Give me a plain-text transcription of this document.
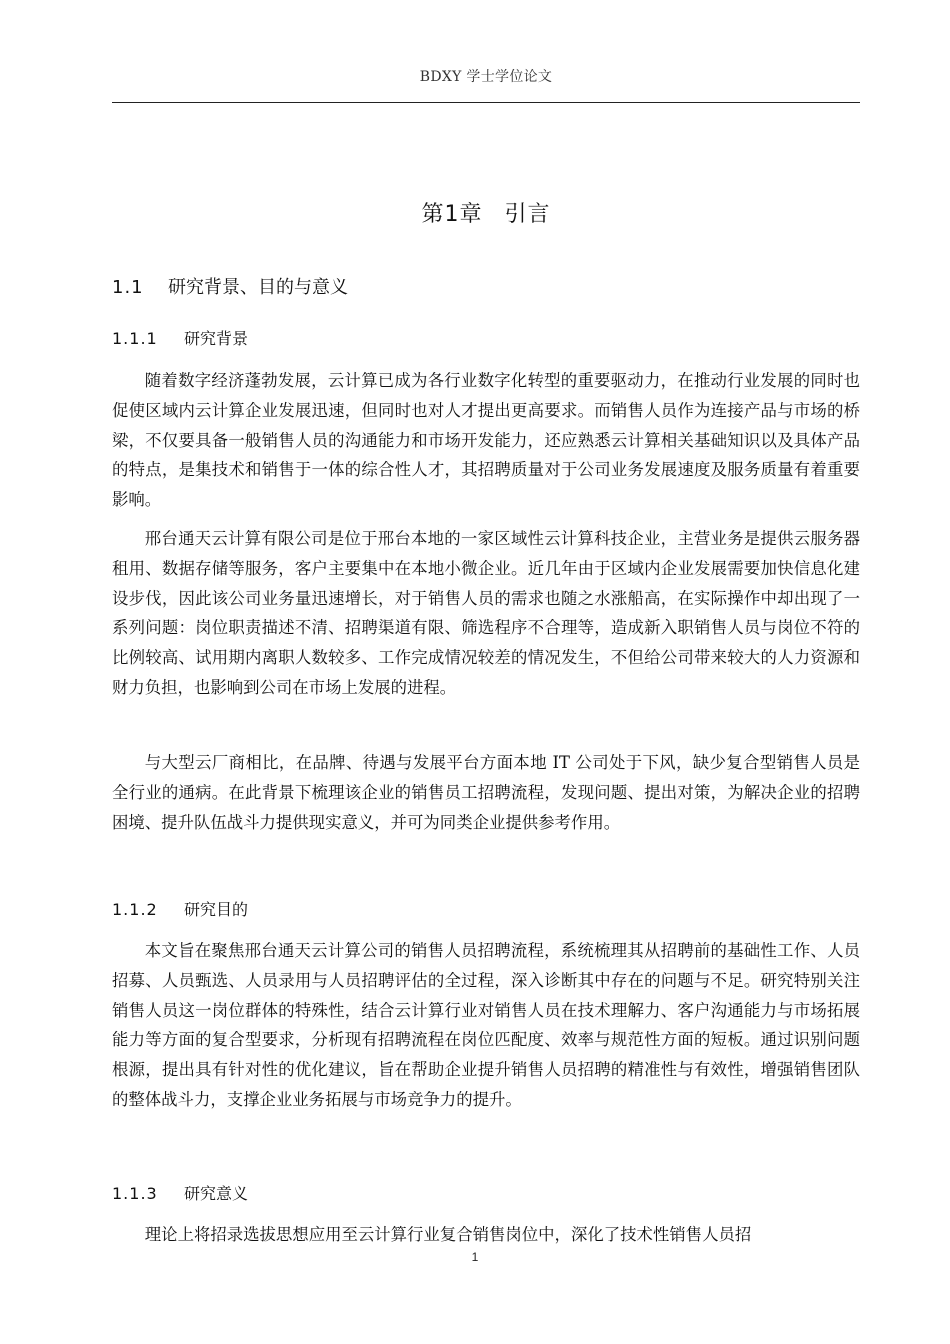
BDXY 学士学位论文
第1章 引言
1.1 研究背景、目的与意义
1.1.1 研究背景

随着数字经济蓬勃发展，云计算已成为各行业数字化转型的重要驱动力，在推动行业发展的同时也促使区域内云计算企业发展迅速，但同时也对人才提出更高要求。而销售人员作为连接产品与市场的桥梁，不仅要具备一般销售人员的沟通能力和市场开发能力，还应熟悉云计算相关基础知识以及具体产品的特点，是集技术和销售于一体的综合性人才，其招聘质量对于公司业务发展速度及服务质量有着重要影响。

邢台通天云计算有限公司是位于邢台本地的一家区域性云计算科技企业，主营业务是提供云服务器租用、数据存储等服务，客户主要集中在本地小微企业。近几年由于区域内企业发展需要加快信息化建设步伐，因此该公司业务量迅速增长，对于销售人员的需求也随之水涨船高，在实际操作中却出现了一系列问题：岗位职责描述不清、招聘渠道有限、筛选程序不合理等，造成新入职销售人员与岗位不符的比例较高、试用期内离职人数较多、工作完成情况较差的情况发生，不但给公司带来较大的人力资源和财力负担，也影响到公司在市场上发展的进程。

与大型云厂商相比，在品牌、待遇与发展平台方面本地 IT 公司处于下风，缺少复合型销售人员是全行业的通病。在此背景下梳理该企业的销售员工招聘流程，发现问题、提出对策，为解决企业的招聘困境、提升队伍战斗力提供现实意义，并可为同类企业提供参考作用。

1.1.2 研究目的

本文旨在聚焦邢台通天云计算公司的销售人员招聘流程，系统梳理其从招聘前的基础性工作、人员招募、人员甄选、人员录用与人员招聘评估的全过程，深入诊断其中存在的问题与不足。研究特别关注销售人员这一岗位群体的特殊性，结合云计算行业对销售人员在技术理解力、客户沟通能力与市场拓展能力等方面的复合型要求，分析现有招聘流程在岗位匹配度、效率与规范性方面的短板。通过识别问题根源，提出具有针对性的优化建议，旨在帮助企业提升销售人员招聘的精准性与有效性，增强销售团队的整体战斗力，支撑企业业务拓展与市场竞争力的提升。

1.1.3 研究意义

理论上将招录选拔思想应用至云计算行业复合销售岗位中，深化了技术性销售人员招

1
